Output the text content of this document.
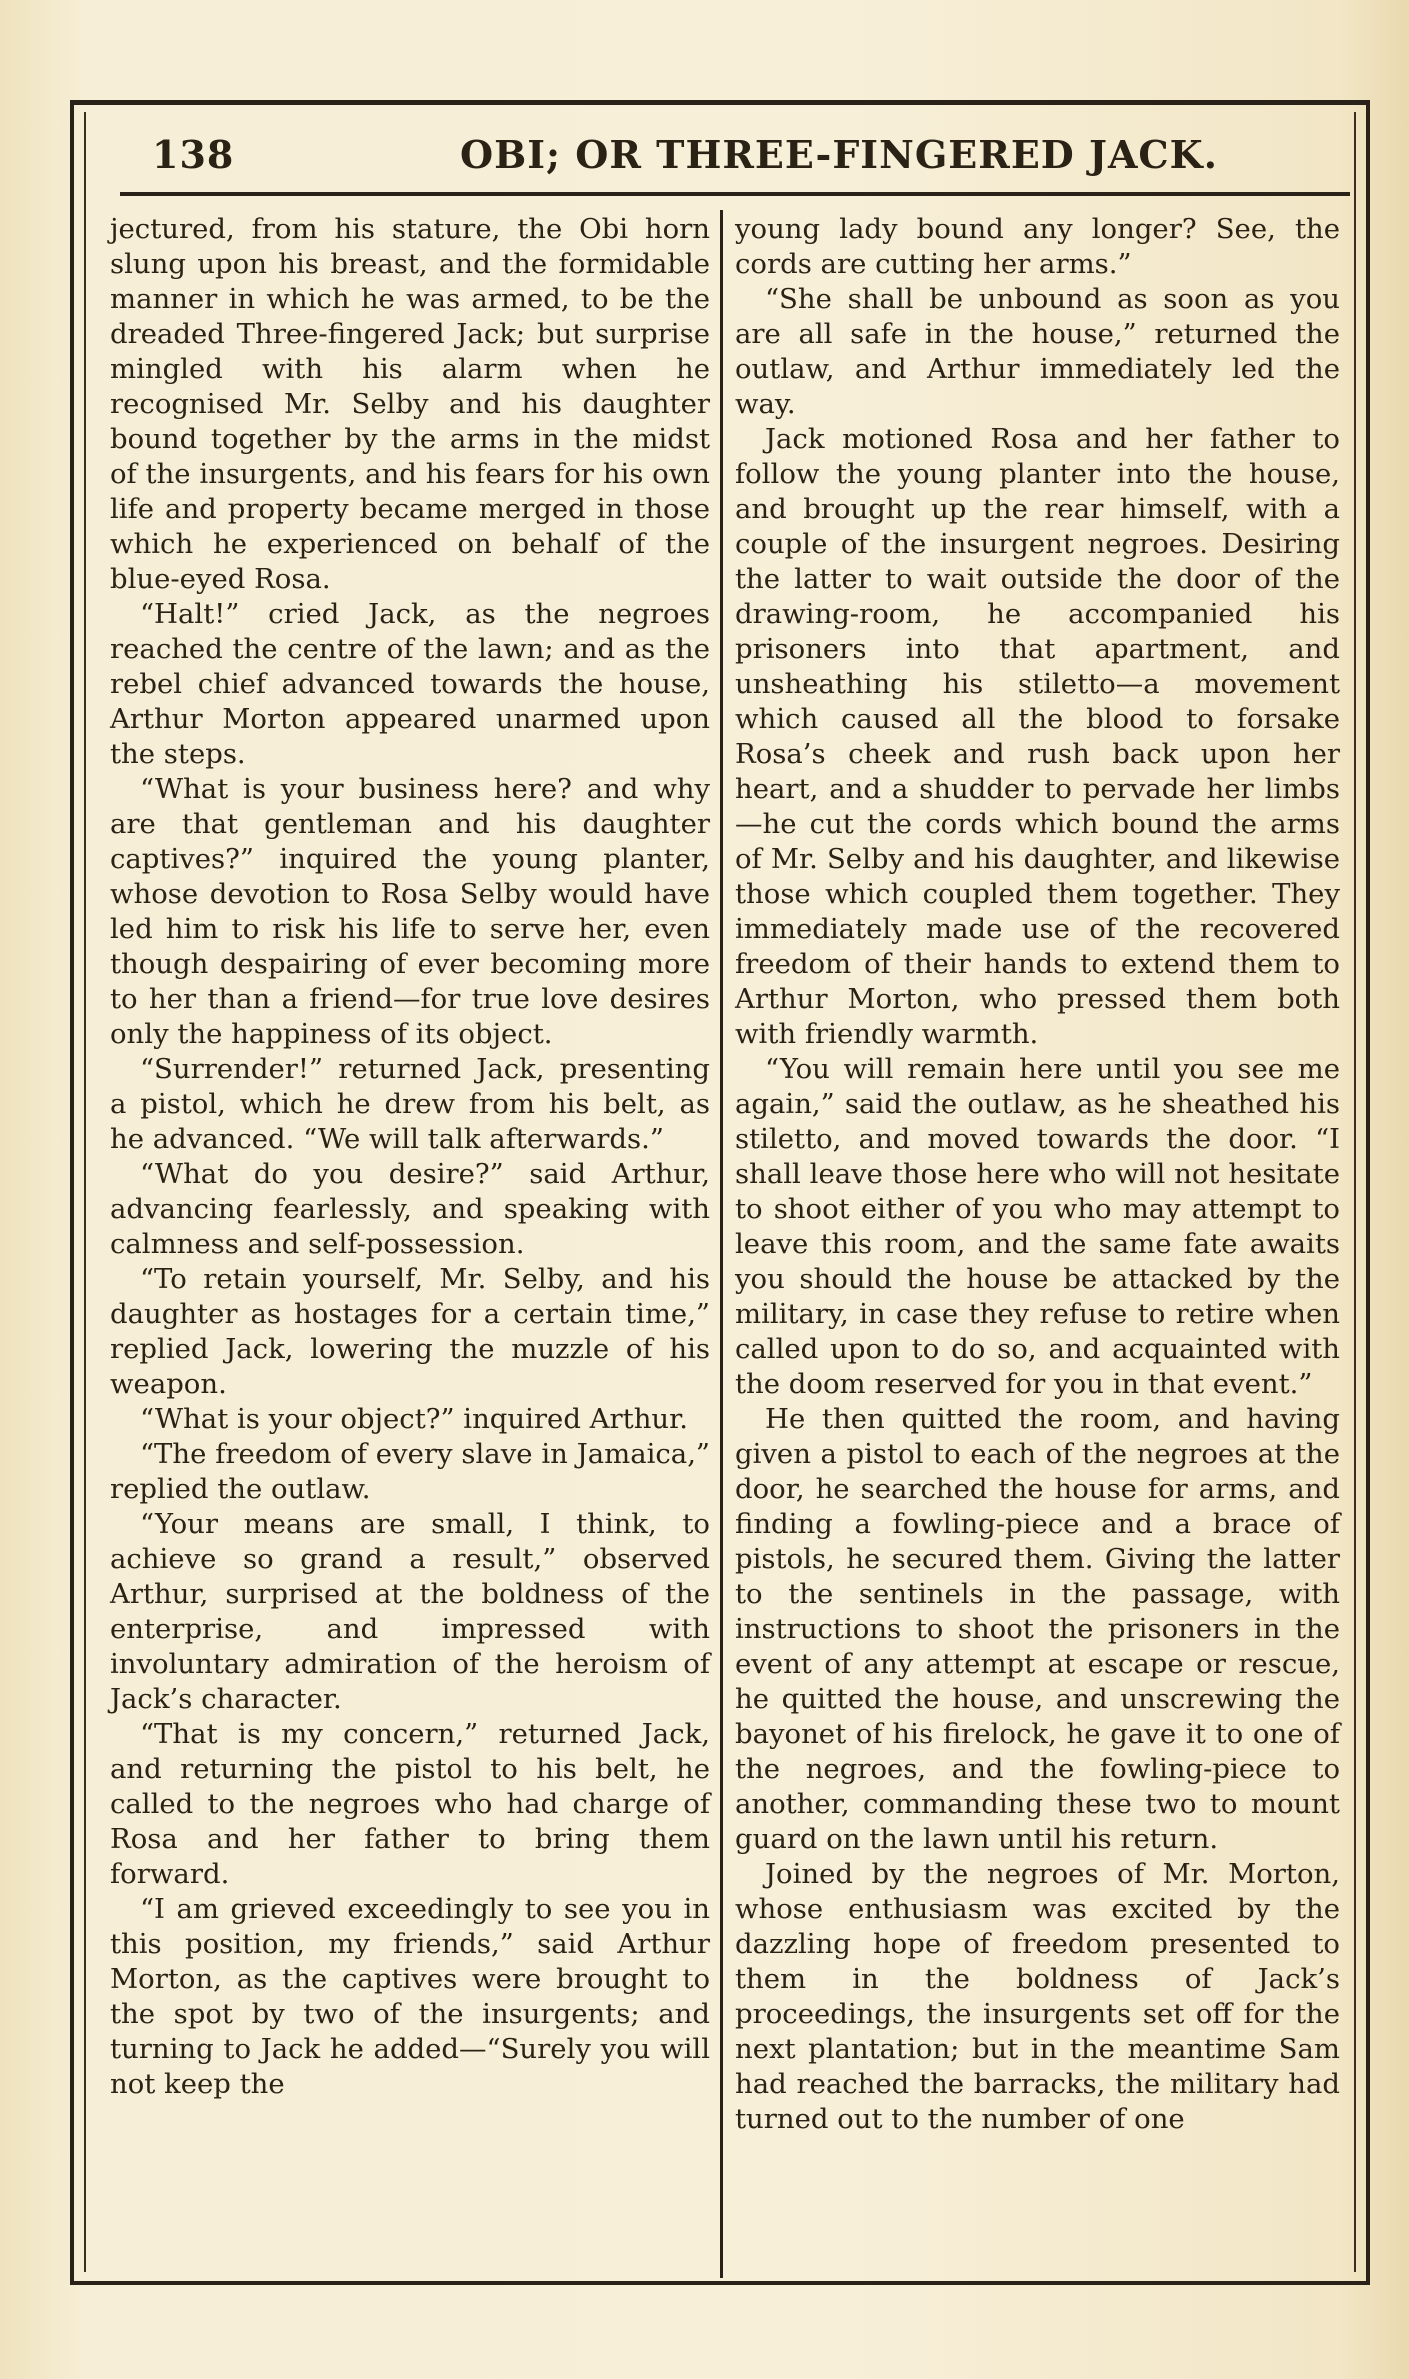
138	OBI; OR THREE-FINGERED JACK.

jectured, from his stature, the Obi horn slung upon his breast, and the formidable manner in which he was armed, to be the dreaded Three-fingered Jack; but surprise mingled with his alarm when he recognised Mr. Selby and his daughter bound together by the arms in the midst of the insurgents, and his fears for his own life and property became merged in those which he experienced on behalf of the blue-eyed Rosa.

“Halt!” cried Jack, as the negroes reached the centre of the lawn; and as the rebel chief advanced towards the house, Arthur Morton appeared unarmed upon the steps.

“What is your business here? and why are that gentleman and his daughter captives?” inquired the young planter, whose devotion to Rosa Selby would have led him to risk his life to serve her, even though despairing of ever becoming more to her than a friend—for true love desires only the happiness of its object.

“Surrender!” returned Jack, presenting a pistol, which he drew from his belt, as he advanced. “We will talk afterwards.”

“What do you desire?” said Arthur, advancing fearlessly, and speaking with calmness and self-possession.

“To retain yourself, Mr. Selby, and his daughter as hostages for a certain time,” replied Jack, lowering the muzzle of his weapon.

“What is your object?” inquired Arthur.

“The freedom of every slave in Jamaica,” replied the outlaw.

“Your means are small, I think, to achieve so grand a result,” observed Arthur, surprised at the boldness of the enterprise, and impressed with involuntary admiration of the heroism of Jack’s character.

“That is my concern,” returned Jack, and returning the pistol to his belt, he called to the negroes who had charge of Rosa and her father to bring them forward.

“I am grieved exceedingly to see you in this position, my friends,” said Arthur Morton, as the captives were brought to the spot by two of the insurgents; and turning to Jack he added—“Surely you will not keep the

young lady bound any longer? See, the cords are cutting her arms.”

“She shall be unbound as soon as you are all safe in the house,” returned the outlaw, and Arthur immediately led the way.

Jack motioned Rosa and her father to follow the young planter into the house, and brought up the rear himself, with a couple of the insurgent negroes. Desiring the latter to wait outside the door of the drawing-room, he accompanied his prisoners into that apartment, and unsheathing his stiletto—a movement which caused all the blood to forsake Rosa’s cheek and rush back upon her heart, and a shudder to pervade her limbs—he cut the cords which bound the arms of Mr. Selby and his daughter, and likewise those which coupled them together. They immediately made use of the recovered freedom of their hands to extend them to Arthur Morton, who pressed them both with friendly warmth.

“You will remain here until you see me again,” said the outlaw, as he sheathed his stiletto, and moved towards the door. “I shall leave those here who will not hesitate to shoot either of you who may attempt to leave this room, and the same fate awaits you should the house be attacked by the military, in case they refuse to retire when called upon to do so, and acquainted with the doom reserved for you in that event.”

He then quitted the room, and having given a pistol to each of the negroes at the door, he searched the house for arms, and finding a fowling-piece and a brace of pistols, he secured them. Giving the latter to the sentinels in the passage, with instructions to shoot the prisoners in the event of any attempt at escape or rescue, he quitted the house, and unscrewing the bayonet of his firelock, he gave it to one of the negroes, and the fowling-piece to another, commanding these two to mount guard on the lawn until his return.

Joined by the negroes of Mr. Morton, whose enthusiasm was excited by the dazzling hope of freedom presented to them in the boldness of Jack’s proceedings, the insurgents set off for the next plantation; but in the meantime Sam had reached the barracks, the military had turned out to the number of one
